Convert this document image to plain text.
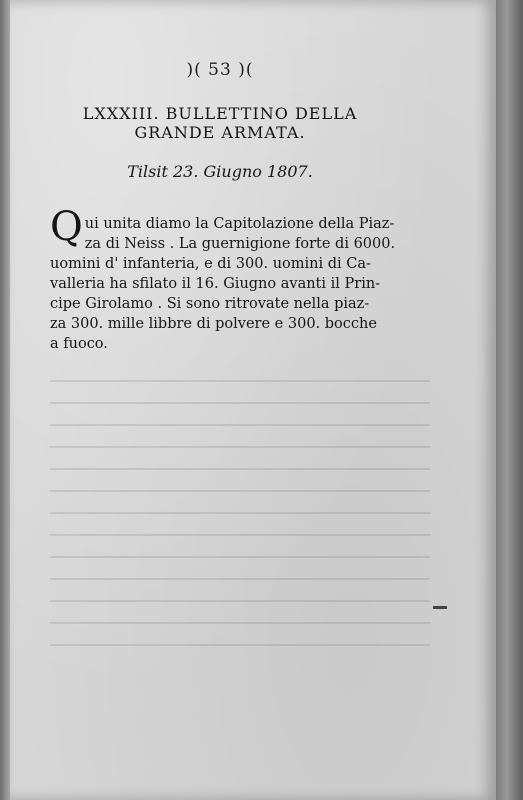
)( 53 )(
LXXXIII. BULLETTINO DELLA
GRANDE ARMATA.
Tilsit 23. Giugno 1807.
Q ui unita diamo la Capitolazione della Piaz-
za di Neiss . La guernigione forte di 6000.
uomini d' infanteria, e di 300. uomini di Ca-
valleria ha sfilato il 16. Giugno avanti il Prin-
cipe Girolamo . Si sono ritrovate nella piaz-
za 300. mille libbre di polvere e 300. bocche
a fuoco.
